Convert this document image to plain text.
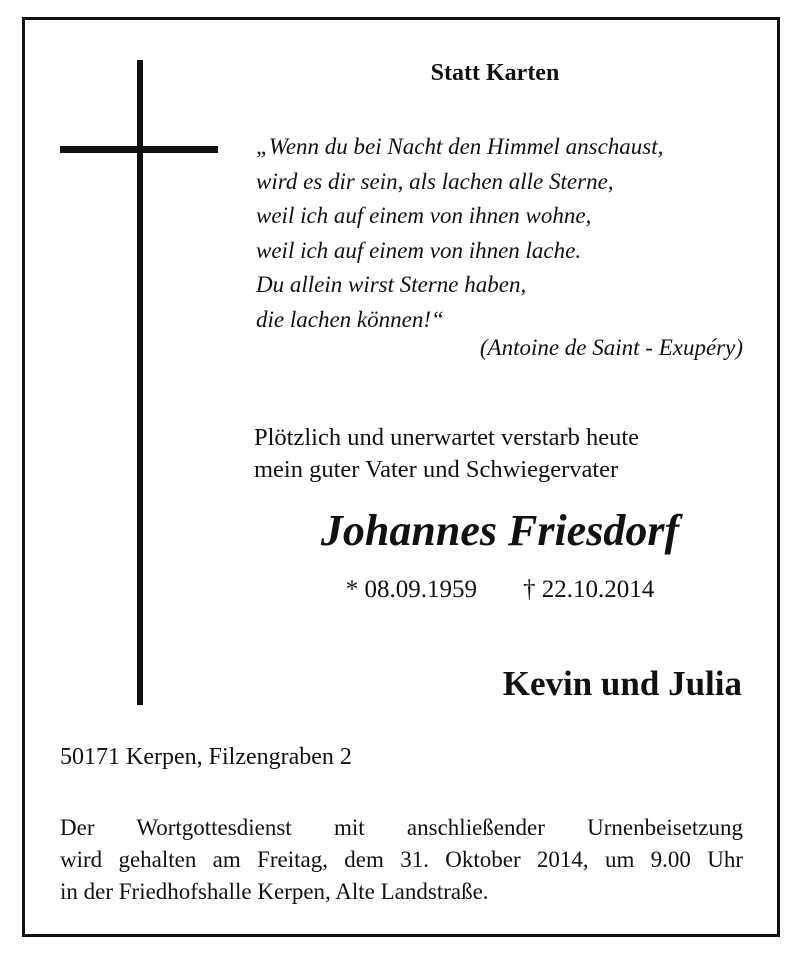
Statt Karten
„Wenn du bei Nacht den Himmel anschaust,
wird es dir sein, als lachen alle Sterne,
weil ich auf einem von ihnen wohne,
weil ich auf einem von ihnen lache.
Du allein wirst Sterne haben,
die lachen können!“
(Antoine de Saint - Exupéry)
Plötzlich und unerwartet verstarb heute
mein guter Vater und Schwiegervater
Johannes Friesdorf
* 08.09.1959 † 22.10.2014
Kevin und Julia
50171 Kerpen, Filzengraben 2
Der Wortgottesdienst mit anschließender Urnenbeisetzung
wird gehalten am Freitag, dem 31. Oktober 2014, um 9.00 Uhr
in der Friedhofshalle Kerpen, Alte Landstraße.
